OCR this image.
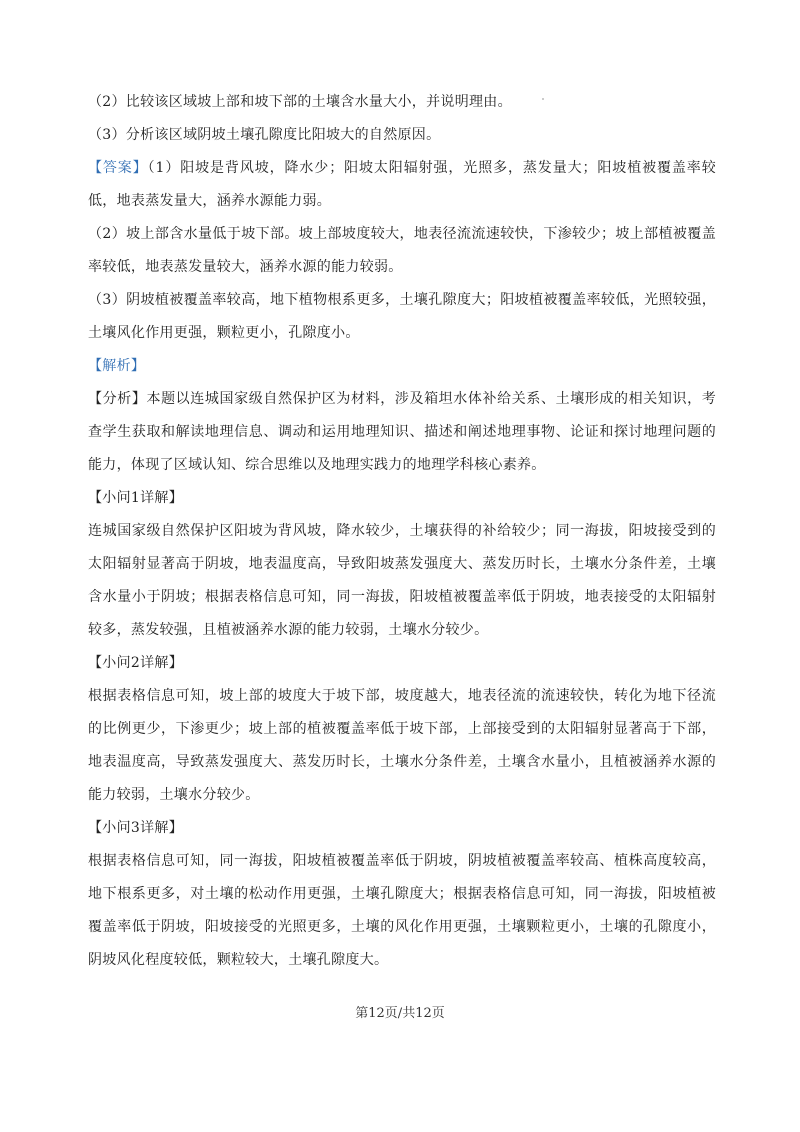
（2）比较该区域坡上部和坡下部的土壤含水量大小，并说明理由。

（3）分析该区域阴坡土壤孔隙度比阳坡大的自然原因。

【答案】（1）阳坡是背风坡，降水少；阳坡太阳辐射强，光照多，蒸发量大；阳坡植被覆盖率较低，地表蒸发量大，涵养水源能力弱。

（2）坡上部含水量低于坡下部。坡上部坡度较大，地表径流流速较快，下渗较少；坡上部植被覆盖率较低，地表蒸发量较大，涵养水源的能力较弱。

（3）阴坡植被覆盖率较高，地下植物根系更多，土壤孔隙度大；阳坡植被覆盖率较低，光照较强，土壤风化作用更强，颗粒更小，孔隙度小。

【解析】

【分析】本题以连城国家级自然保护区为材料，涉及箱坦水体补给关系、土壤形成的相关知识，考查学生获取和解读地理信息、调动和运用地理知识、描述和阐述地理事物、论证和探讨地理问题的能力，体现了区域认知、综合思维以及地理实践力的地理学科核心素养。

【小问1详解】

连城国家级自然保护区阳坡为背风坡，降水较少，土壤获得的补给较少；同一海拔，阳坡接受到的太阳辐射显著高于阴坡，地表温度高，导致阳坡蒸发强度大、蒸发历时长，土壤水分条件差，土壤含水量小于阴坡；根据表格信息可知，同一海拔，阳坡植被覆盖率低于阴坡，地表接受的太阳辐射较多，蒸发较强，且植被涵养水源的能力较弱，土壤水分较少。

【小问2详解】

根据表格信息可知，坡上部的坡度大于坡下部，坡度越大，地表径流的流速较快，转化为地下径流的比例更少，下渗更少；坡上部的植被覆盖率低于坡下部，上部接受到的太阳辐射显著高于下部，地表温度高，导致蒸发强度大、蒸发历时长，土壤水分条件差，土壤含水量小，且植被涵养水源的能力较弱，土壤水分较少。

【小问3详解】

根据表格信息可知，同一海拔，阳坡植被覆盖率低于阴坡，阴坡植被覆盖率较高、植株高度较高，地下根系更多，对土壤的松动作用更强，土壤孔隙度大；根据表格信息可知，同一海拔，阳坡植被覆盖率低于阴坡，阳坡接受的光照更多，土壤的风化作用更强，土壤颗粒更小，土壤的孔隙度小，阴坡风化程度较低，颗粒较大，土壤孔隙度大。

第12页/共12页
